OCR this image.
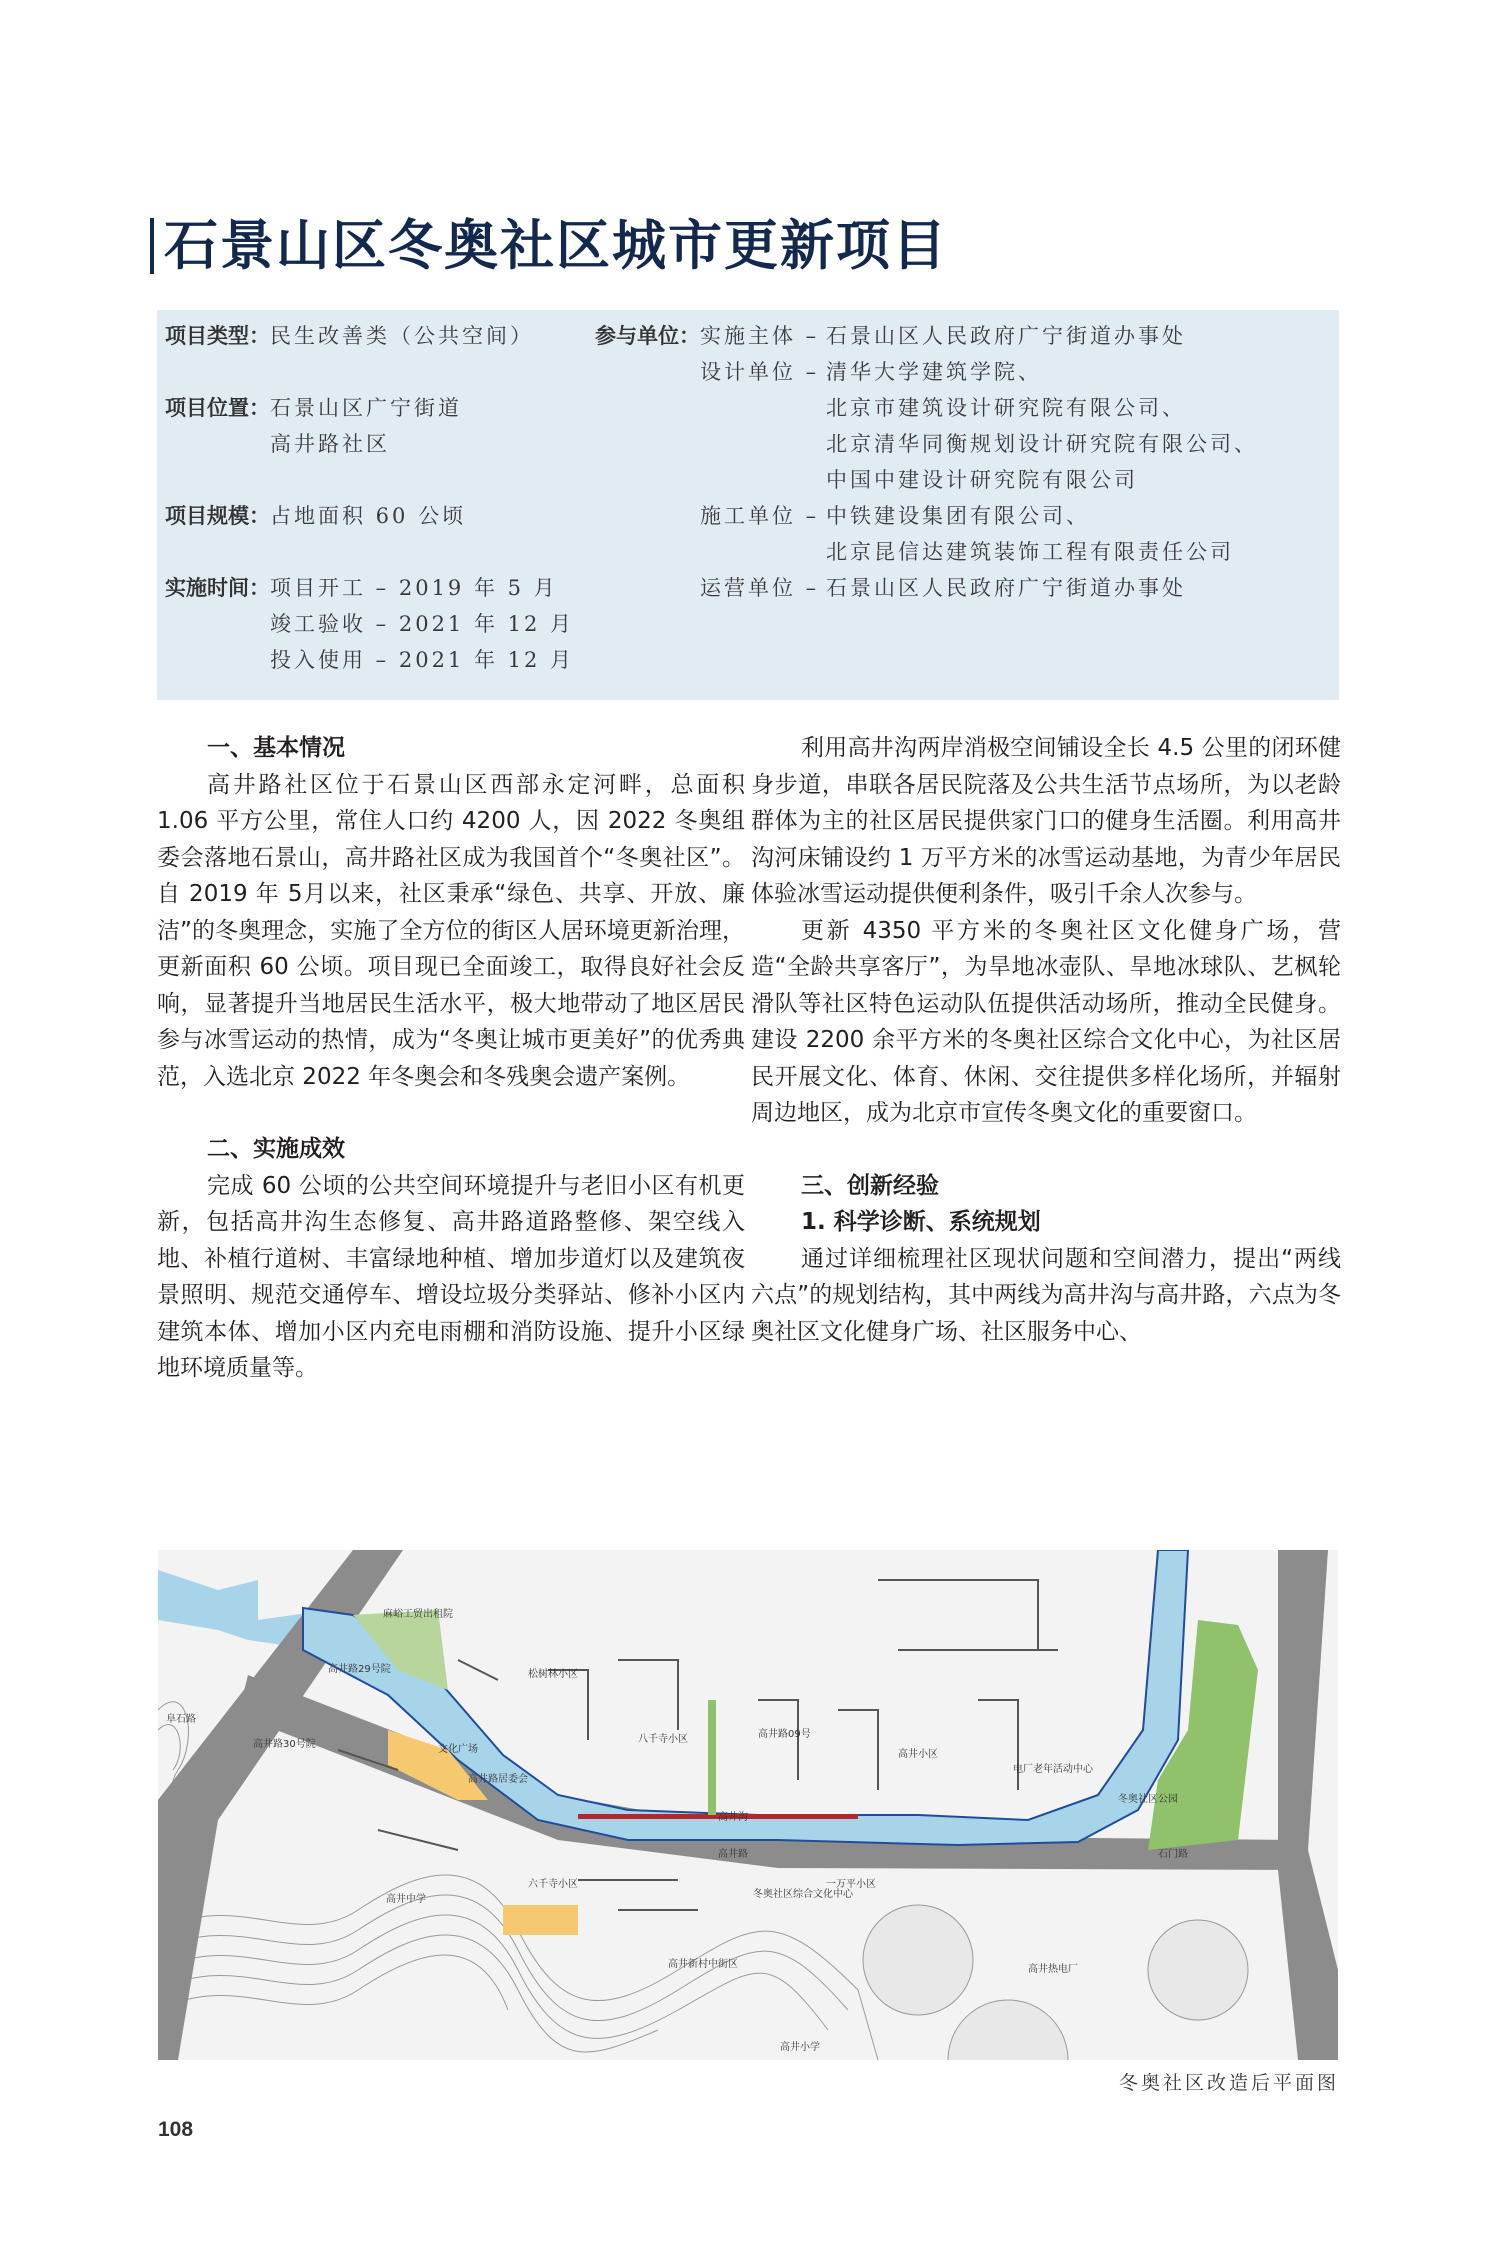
石景山区冬奥社区城市更新项目
项目类型： 民生改善类（公共空间）
项目位置： 石景山区广宁街道
高井路社区
项目规模： 占地面积 60 公顷
实施时间： 项目开工 – 2019 年 5 月
竣工验收 – 2021 年 12 月
投入使用 – 2021 年 12 月
参与单位： 实施主体 – 石景山区人民政府广宁街道办事处
设计单位 – 清华大学建筑学院、
北京市建筑设计研究院有限公司、
北京清华同衡规划设计研究院有限公司、
中国中建设计研究院有限公司
施工单位 – 中铁建设集团有限公司、
北京昆信达建筑装饰工程有限责任公司
运营单位 – 石景山区人民政府广宁街道办事处
一、基本情况

高井路社区位于石景山区西部永定河畔，总面积 1.06 平方公里，常住人口约 4200 人，因 2022 冬奥组委会落地石景山，高井路社区成为我国首个“冬奥社区”。自 2019 年 5月以来，社区秉承“绿色、共享、开放、廉洁”的冬奥理念，实施了全方位的街区人居环境更新治理，更新面积 60 公顷。项目现已全面竣工，取得良好社会反响，显著提升当地居民生活水平，极大地带动了地区居民参与冰雪运动的热情，成为“冬奥让城市更美好”的优秀典范，入选北京 2022 年冬奥会和冬残奥会遗产案例。

二、实施成效

完成 60 公顷的公共空间环境提升与老旧小区有机更新，包括高井沟生态修复、高井路道路整修、架空线入地、补植行道树、丰富绿地种植、增加步道灯以及建筑夜景照明、规范交通停车、增设垃圾分类驿站、修补小区内建筑本体、增加小区内充电雨棚和消防设施、提升小区绿地环境质量等。

利用高井沟两岸消极空间铺设全长 4.5 公里的闭环健身步道，串联各居民院落及公共生活节点场所，为以老龄群体为主的社区居民提供家门口的健身生活圈。利用高井沟河床铺设约 1 万平方米的冰雪运动基地，为青少年居民体验冰雪运动提供便利条件，吸引千余人次参与。

更新 4350 平方米的冬奥社区文化健身广场，营造“全龄共享客厅”，为旱地冰壶队、旱地冰球队、艺枫轮滑队等社区特色运动队伍提供活动场所，推动全民健身。建设 2200 余平方米的冬奥社区综合文化中心，为社区居民开展文化、体育、休闲、交往提供多样化场所，并辐射周边地区，成为北京市宣传冬奥文化的重要窗口。

三、创新经验
1. 科学诊断、系统规划

通过详细梳理社区现状问题和空间潜力，提出“两线六点”的规划结构，其中两线为高井沟与高井路，六点为冬奥社区文化健身广场、社区服务中心、

阜石路
麻峪工贸出租院
高井路29号院	松树林小区
高井路30号院	文化广场
八千寺小区
高井路居委会
高井中学
六千寺小区
高井沟
高井路
高井路09号
高井小区
电厂老年活动中心
冬奥社区公园
石门路
冬奥社区综合文化中心
一万平小区
高井热电厂
高井小学
高井新村中街区
冬奥社区改造后平面图
108
